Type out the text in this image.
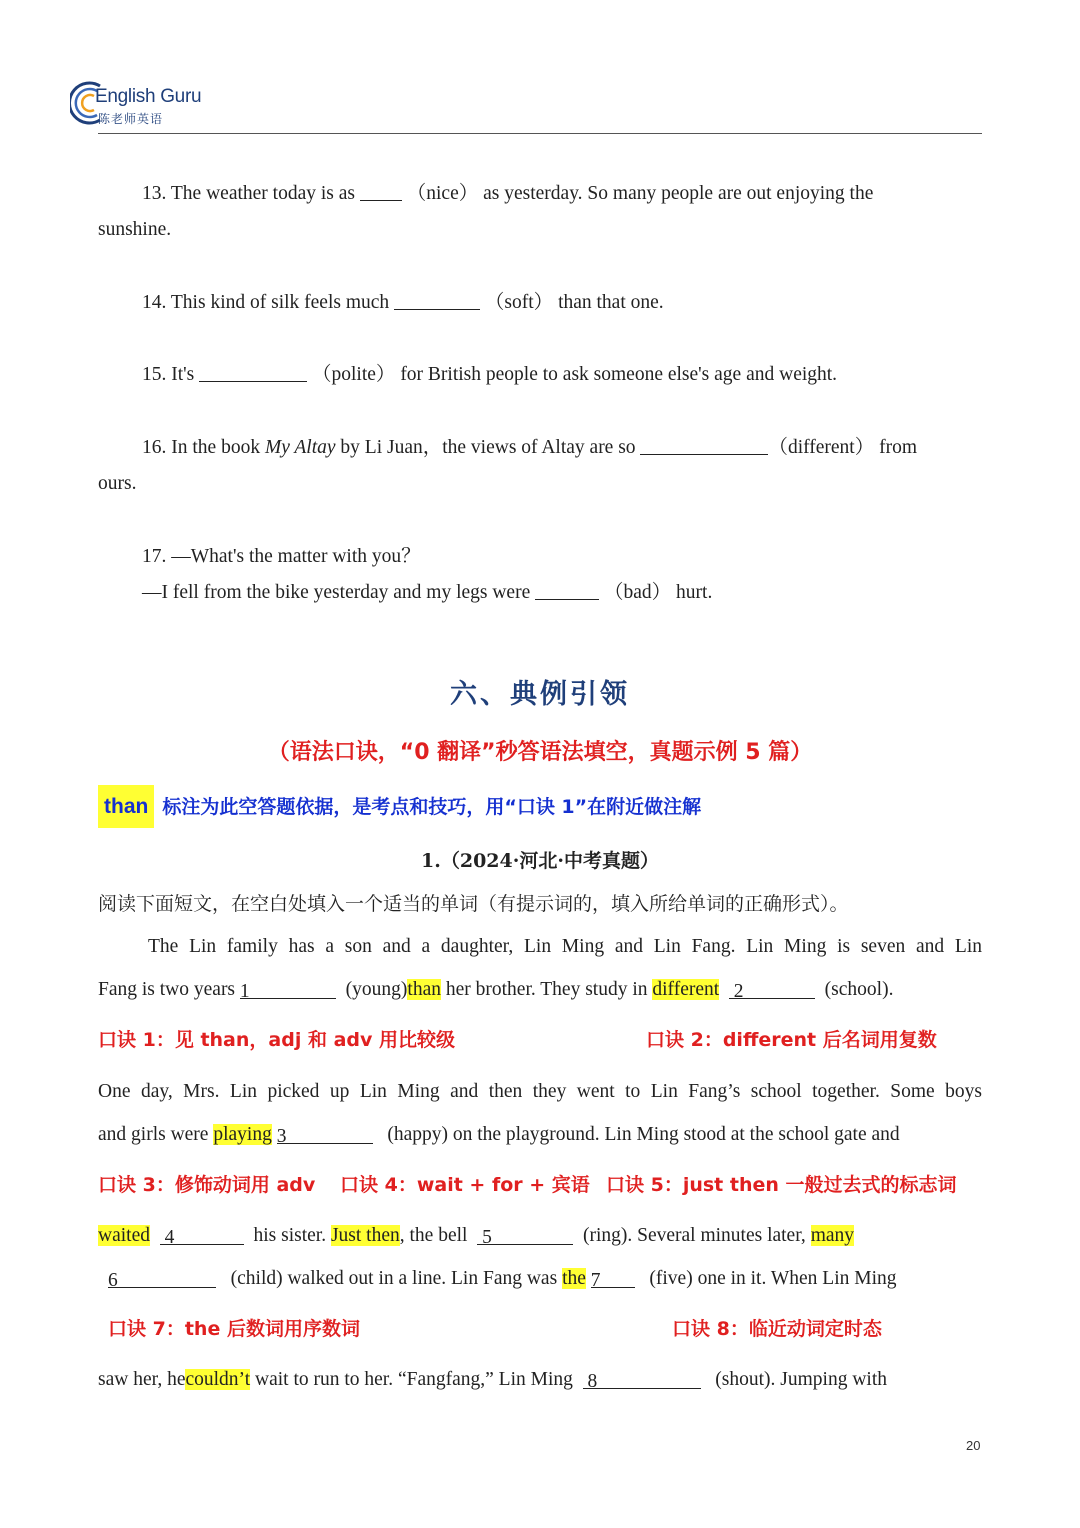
English Guru
陈老师英语
13. The weather today is as	（nice） as yesterday. So many people are out enjoying the
sunshine.
14. This kind of silk feels much	（soft） than that one.
15. It's	（polite） for British people to ask someone else's age and weight.
16. In the book My Altay by Li Juan，the views of Altay are so	（different） from
ours.
17. —What's the matter with you？
—I fell from the bike yesterday and my legs were	（bad） hurt.
六、典例引领
（语法口诀，“0 翻译”秒答语法填空，真题示例 5 篇）
than 标注为此空答题依据，是考点和技巧，用“口诀 1”在附近做注解
1.（2024·河北·中考真题）
阅读下面短文，在空白处填入一个适当的单词（有提示词的，填入所给单词的正确形式）。
The Lin family has a son and a daughter, Lin Ming and Lin Fang. Lin Ming is seven and Lin
Fang is two years 1	(young)than her brother. They study in different 2	(school).
口诀 1：见 than，adj 和 adv 用比较级	口诀 2：different 后名词用复数
One day, Mrs. Lin picked up Lin Ming and then they went to Lin Fang’s school together. Some boys
and girls were playing 3	(happy) on the playground. Lin Ming stood at the school gate and
口诀 3：修饰动词用 adv 口诀 4：wait + for + 宾语 口诀 5：just then 一般过去式的标志词
waited 4	his sister. Just then, the bell 5	(ring). Several minutes later, many
6	(child) walked out in a line. Lin Fang was the 7	(five) one in it. When Lin Ming
口诀 7：the 后数词用序数词	口诀 8：临近动词定时态
saw her, hecouldn’t wait to run to her. “Fangfang,” Lin Ming 8	(shout). Jumping with
20
